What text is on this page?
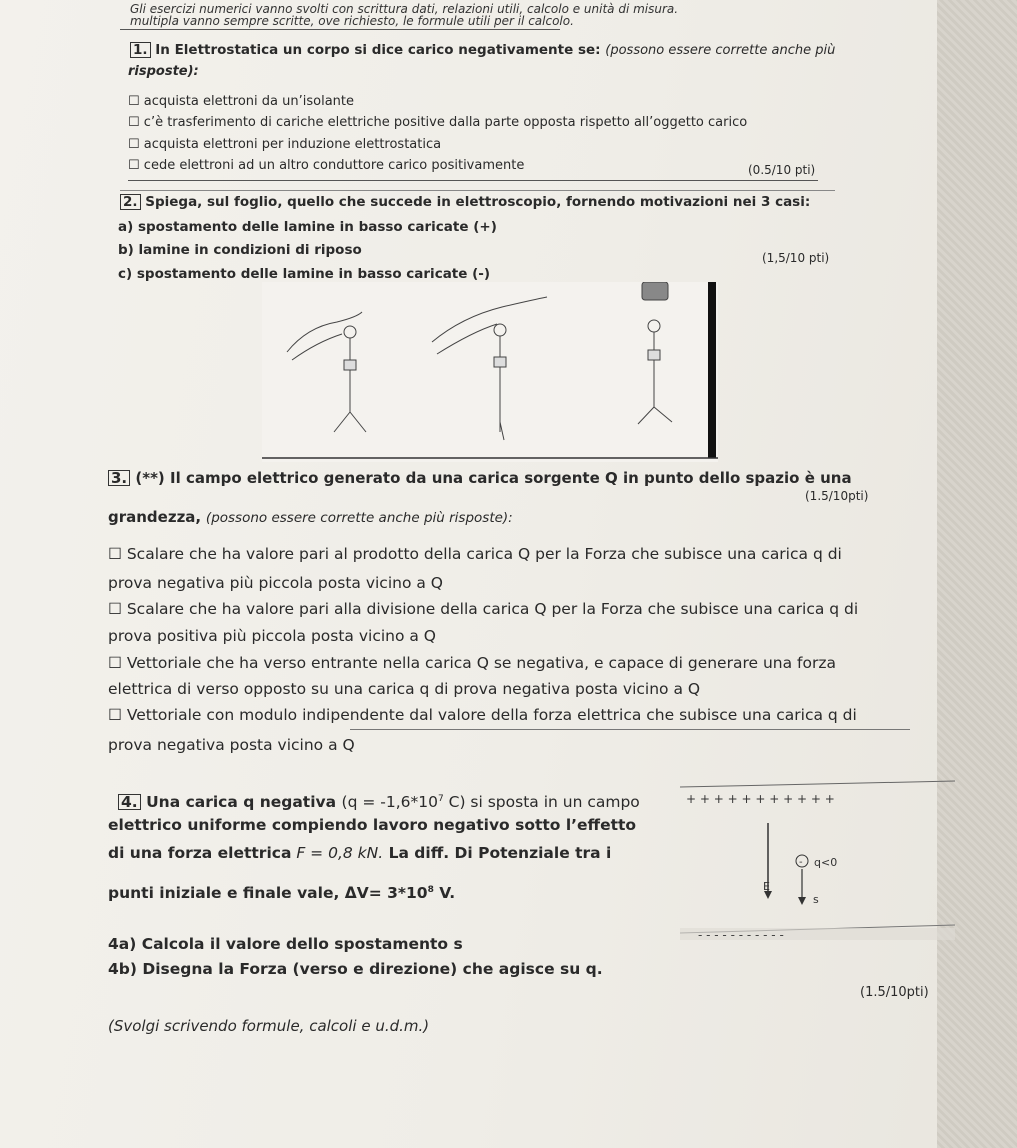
Gli esercizi numerici vanno svolti con scrittura dati, relazioni utili, calcolo e unità di misura.
multipla vanno sempre scritte, ove richiesto, le formule utili per il calcolo.
1. In Elettrostatica un corpo si dice carico negativamente se: (possono essere corrette anche più
risposte):
☐ acquista elettroni da un’isolante
☐ c’è trasferimento di cariche elettriche positive dalla parte opposta rispetto all’oggetto carico
☐ acquista elettroni per induzione elettrostatica
☐ cede elettroni ad un altro conduttore carico positivamente	(0.5/10 pti)
2. Spiega, sul foglio, quello che succede in elettroscopio, fornendo motivazioni nei 3 casi:
a) spostamento delle lamine in basso caricate (+)
b) lamine in condizioni di riposo	(1,5/10 pti)
c) spostamento delle lamine in basso caricate (-)
3. (**) Il campo elettrico generato da una carica sorgente Q in punto dello spazio è una
(1.5/10pti)
grandezza, (possono essere corrette anche più risposte):
☐ Scalare che ha valore pari al prodotto della carica Q per la Forza che subisce una carica q di
prova negativa più piccola posta vicino a Q
☐ Scalare che ha valore pari alla divisione della carica Q per la Forza che subisce una carica q di
prova positiva più piccola posta vicino a Q
☐ Vettoriale che ha verso entrante nella carica Q se negativa, e capace di generare una forza
elettrica di verso opposto su una carica q di prova negativa posta vicino a Q
☐ Vettoriale con modulo indipendente dal valore della forza elettrica che subisce una carica q di
prova negativa posta vicino a Q
4. Una carica q negativa ($q = -1,6*10^7$ C) si sposta in un campo
elettrico uniforme compiendo lavoro negativo sotto l’effetto
di una forza elettrica F = 0,8 kN. La diff. Di Potenziale tra i
punti iniziale e finale vale, $\Delta V= 3*10^8$ V.
4a) Calcola il valore dello spostamento s
4b) Disegna la Forza (verso e direzione) che agisce su q.
(1.5/10pti)
(Svolgi scrivendo formule, calcoli e u.d.m.)
+ + + + + + + + + + +
E
- q<0
s
- - - - - - - - - - -
